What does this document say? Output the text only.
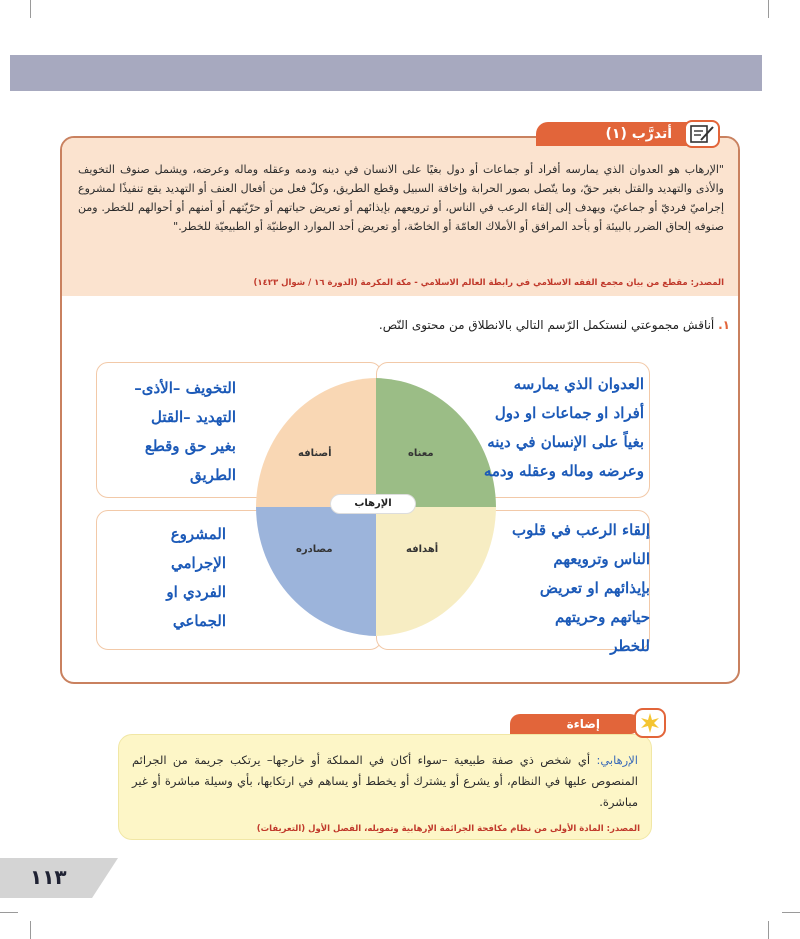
أتدرَّب (١)

"الإرهاب هو العدوان الذي يمارسه أفراد أو جماعات أو دول بغيًا على الانسان في دينه ودمه وعقله وماله وعرضه، ويشمل صنوف التخويف والأذى والتهديد والقتل بغير حقّ، وما يتّصل بصور الحرابة وإخافة السبيل وقطع الطريق، وكلّ فعل من أفعال العنف أو التهديد يقع تنفيذًا لمشروع إجراميّ فرديّ أو جماعيّ، ويهدف إلى إلقاء الرعب في الناس، أو ترويعهم بإيذائهم أو تعريض حياتهم أو حرّيّتهم أو أمنهم أو أحوالهم للخطر. ومن صنوفه إلحاق الضرر بالبيئة أو بأحد المرافق أو الأملاك العامّة أو الخاصّة، أو تعريض أحد الموارد الوطنيّة أو الطبيعيّة للخطر."

المصدر: مقطع من بيان مجمع الفقه الاسلامي في رابطة العالم الاسلامي - مكة المكرمة (الدورة ١٦ / شوال ١٤٢٣)

١. أناقش مجموعتي لنستكمل الرّسم التالي بالانطلاق من محتوى النّص.

الإرهاب
أصنافه	معناه
مصادره	أهدافه
العدوان الذي يمارسه
أفراد او جماعات او دول
بغياً على الإنسان في دينه
وعرضه وماله وعقله ودمه
التخويف –الأذى–
التهديد –القتل
بغير حق وقطع
الطريق
إلقاء الرعب في قلوب
الناس وترويعهم
بإيذائهم او تعريض
حياتهم وحريتهم
للخطر
المشروع
الإجرامي
الفردي او
الجماعي
إضاءة

الإرهابي: أي شخص ذي صفة طبيعية –سواء أكان في المملكة أو خارجها– يرتكب جريمة من الجرائم المنصوص عليها في النظام، أو يشرع أو يشترك أو يخطط أو يساهم في ارتكابها، بأي وسيلة مباشرة أو غير مباشرة.

المصدر: المادة الأولى من نظام مكافحة الجرائمة الإرهابية وتمويله، الفصل الأول (التعريفات)

١١٣
